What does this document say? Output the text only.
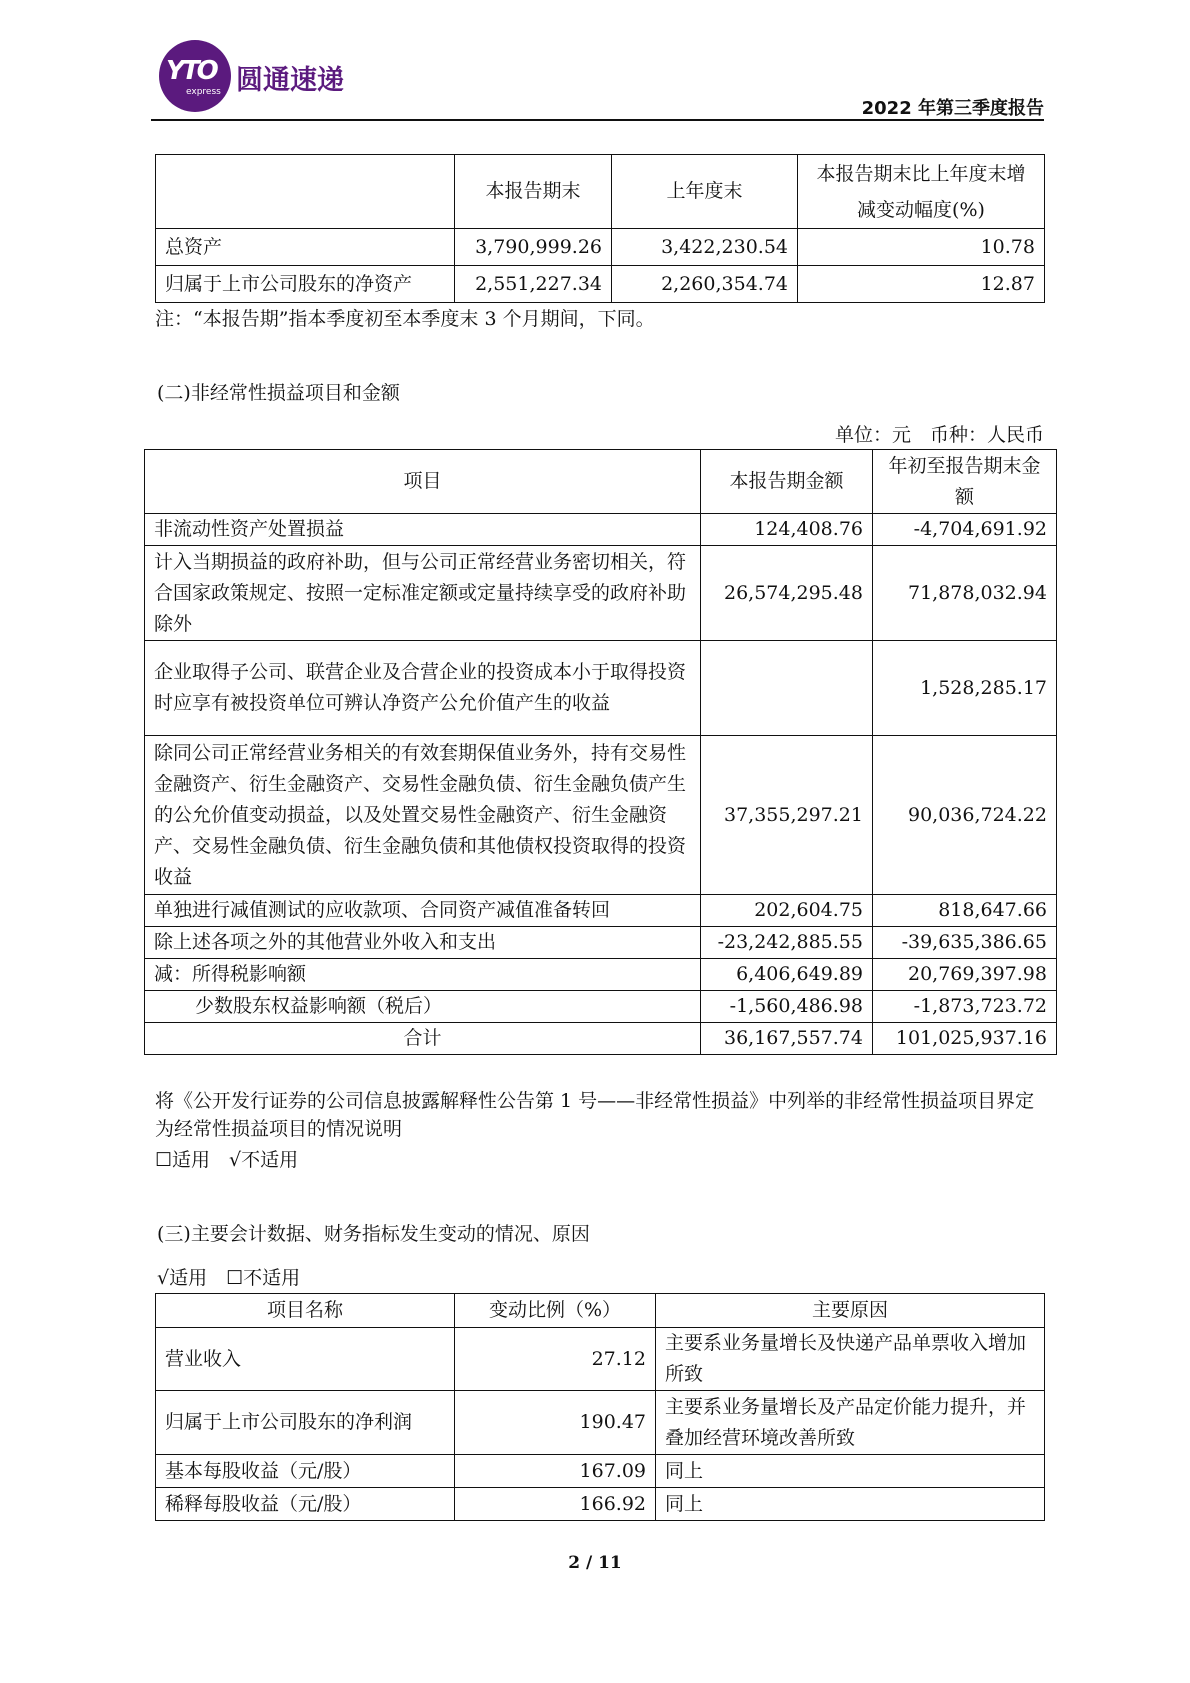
YTO
express 圆通速递
2022 年第三季度报告
	本报告期末	上年度末	本报告期末比上年度末增减变动幅度(%)
总资产	3,790,999.26	3,422,230.54	10.78
归属于上市公司股东的净资产	2,551,227.34	2,260,354.74	12.87
注：“本报告期”指本季度初至本季度末 3 个月期间，下同。
(二)非经常性损益项目和金额
单位：元　币种：人民币
项目	本报告期金额	年初至报告期末金额
非流动性资产处置损益	124,408.76	-4,704,691.92
计入当期损益的政府补助，但与公司正常经营业务密切相关，符合国家政策规定、按照一定标准定额或定量持续享受的政府补助除外	26,574,295.48	71,878,032.94
企业取得子公司、联营企业及合营企业的投资成本小于取得投资时应享有被投资单位可辨认净资产公允价值产生的收益		1,528,285.17
除同公司正常经营业务相关的有效套期保值业务外，持有交易性金融资产、衍生金融资产、交易性金融负债、衍生金融负债产生的公允价值变动损益，以及处置交易性金融资产、衍生金融资产、交易性金融负债、衍生金融负债和其他债权投资取得的投资收益	37,355,297.21	90,036,724.22
单独进行减值测试的应收款项、合同资产减值准备转回	202,604.75	818,647.66
除上述各项之外的其他营业外收入和支出	-23,242,885.55	-39,635,386.65
减：所得税影响额	6,406,649.89	20,769,397.98
少数股东权益影响额（税后）	-1,560,486.98	-1,873,723.72
合计	36,167,557.74	101,025,937.16
将《公开发行证券的公司信息披露解释性公告第 1 号——非经常性损益》中列举的非经常性损益项目界定为经常性损益项目的情况说明
☐适用　√不适用
(三)主要会计数据、财务指标发生变动的情况、原因
√适用　☐不适用
项目名称	变动比例（%）	主要原因
营业收入	27.12	主要系业务量增长及快递产品单票收入增加所致
归属于上市公司股东的净利润	190.47	主要系业务量增长及产品定价能力提升，并叠加经营环境改善所致
基本每股收益（元/股）	167.09	同上
稀释每股收益（元/股）	166.92	同上
2 / 11
